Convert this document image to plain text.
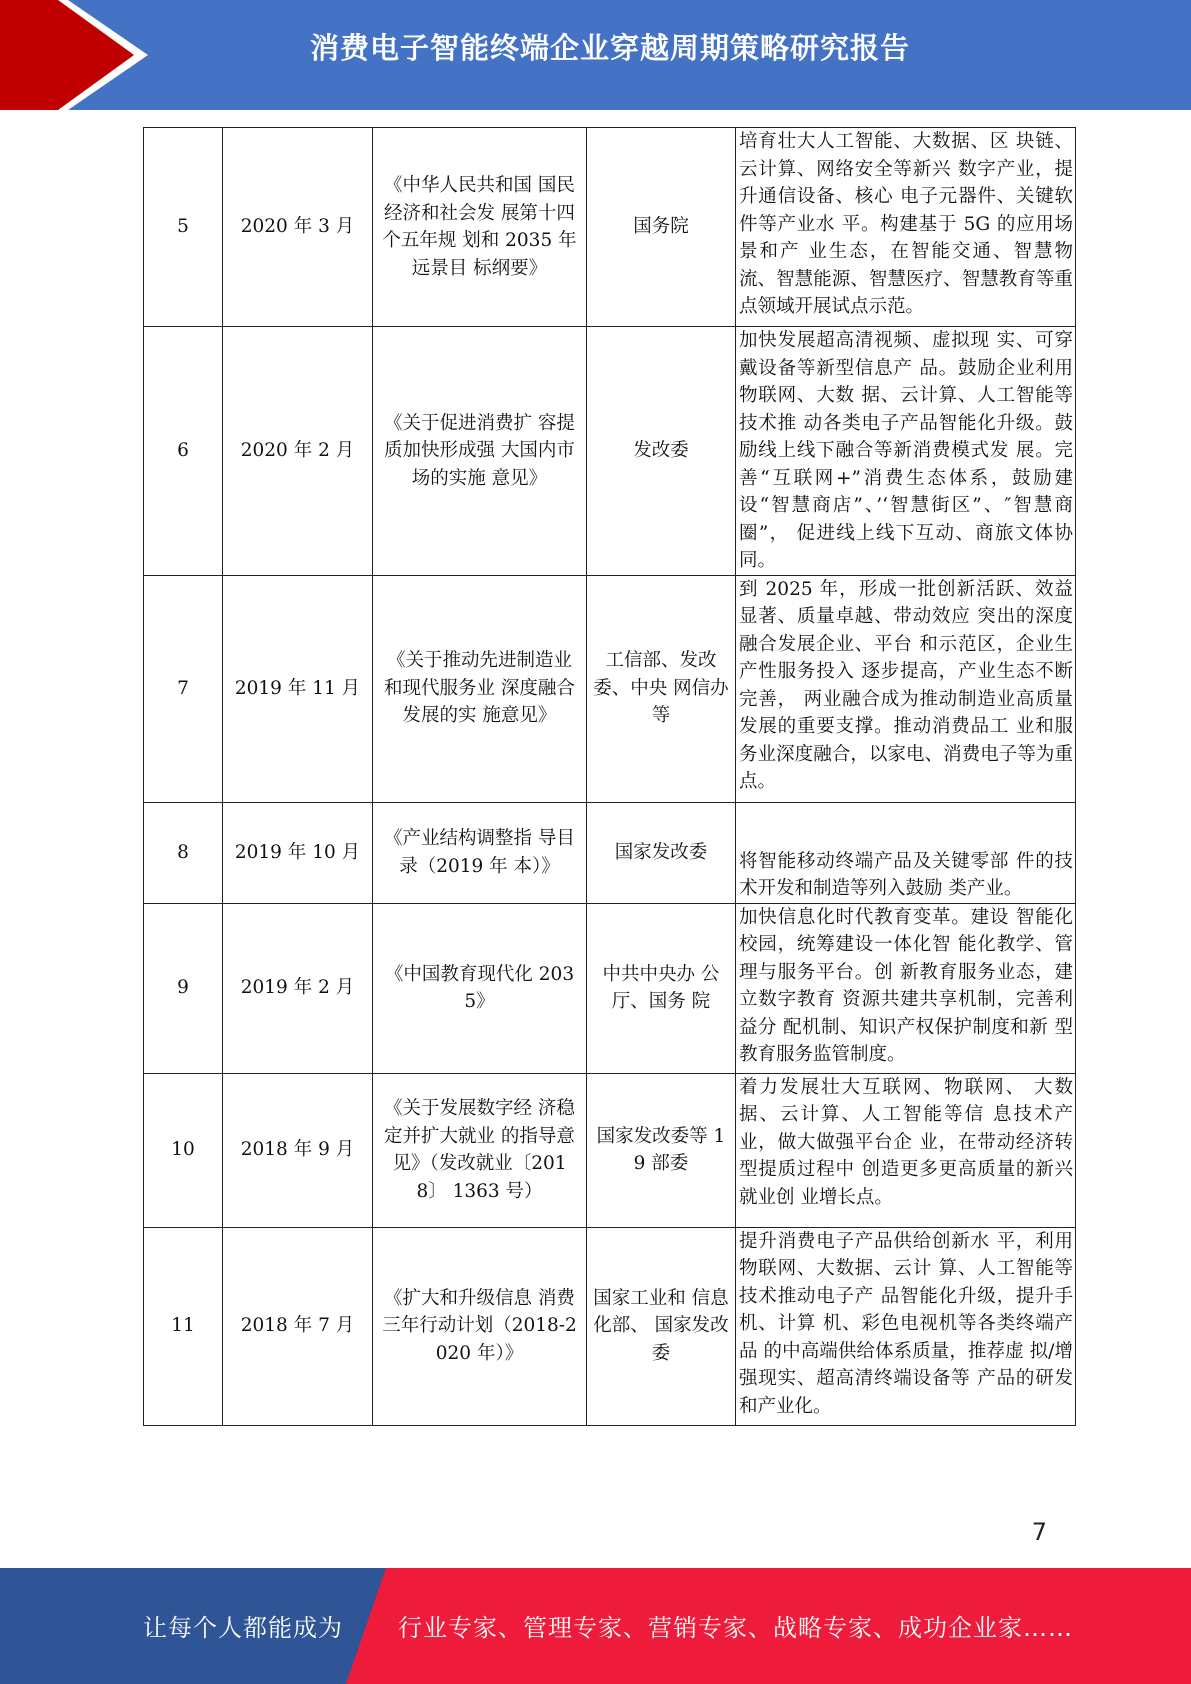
消费电子智能终端企业穿越周期策略研究报告
5	2020 年 3 月	《中华人民共和国 国民经济和社会发 展第十四个五年规 划和 2035 年远景目 标纲要》	国务院	培育壮大人工智能、大数据、区 块链、云计算、网络安全等新兴 数字产业，提升通信设备、核心 电子元器件、关键软件等产业水 平。构建基于 5G 的应用场景和产 业生态，在智能交通、智慧物 流、智慧能源、智慧医疗、智慧教育等重点领域开展试点示范。
6	2020 年 2 月	《关于促进消费扩 容提质加快形成强 大国内市场的实施 意见》	发改委	加快发展超高清视频、虚拟现 实、可穿戴设备等新型信息产 品。鼓励企业利用物联网、大数 据、云计算、人工智能等技术推 动各类电子产品智能化升级。鼓 励线上线下融合等新消费模式发 展。完善“互联网+”消费生态体系，鼓励建设“智慧商店”、’‘智慧街区”、″智慧商圈”， 促进线上线下互动、商旅文体协 同。
7	2019 年 11 月	《关于推动先进制造业和现代服务业 深度融合发展的实 施意见》	工信部、发改委、中央 网信办等	到 2025 年，形成一批创新活跃、效益显著、质量卓越、带动效应 突出的深度融合发展企业、平台 和示范区，企业生产性服务投入 逐步提高，产业生态不断完善， 两业融合成为推动制造业高质量 发展的重要支撑。推动消费品工 业和服务业深度融合，以家电、消费电子等为重点。
8	2019 年 10 月	《产业结构调整指 导目录（2019 年 本）》	国家发改委	将智能移动终端产品及关键零部 件的技术开发和制造等列入鼓励 类产业。
9	2019 年 2 月	《中国教育现代化 2035》	中共中央办 公厅、国务 院	加快信息化时代教育变革。建设 智能化校园，统筹建设一体化智 能化教学、管理与服务平台。创 新教育服务业态，建立数字教育 资源共建共享机制，完善利益分 配机制、知识产权保护制度和新 型教育服务监管制度。
10	2018 年 9 月	《关于发展数字经 济稳定并扩大就业 的指导意见》（发改就业〔2018〕 1363 号）	国家发改委等 19 部委	着力发展壮大互联网、物联网、 大数据、云计算、人工智能等信 息技术产业，做大做强平台企 业，在带动经济转型提质过程中 创造更多更高质量的新兴就业创 业增长点。
11	2018 年 7 月	《扩大和升级信息 消费三年行动计划（2018-2020 年）》	国家工业和 信息化部、 国家发改委	提升消费电子产品供给创新水 平，利用物联网、大数据、云计 算、人工智能等技术推动电子产 品智能化升级，提升手机、计算 机、彩色电视机等各类终端产品 的中高端供给体系质量，推荐虚 拟/增强现实、超高清终端设备等 产品的研发和产业化。
7
让每个人都能成为 行业专家、管理专家、营销专家、战略专家、成功企业家……
